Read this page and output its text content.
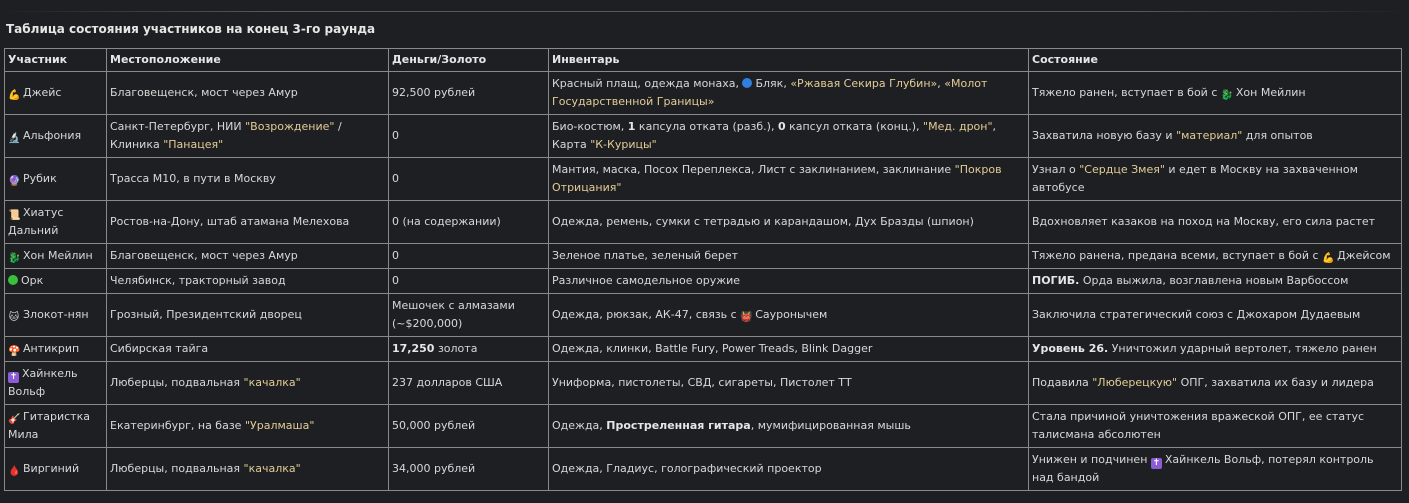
Таблица состояния участников на конец 3-го раунда
Участник	Местоположение	Деньги/Золото	Инвентарь	Состояние
💪 Джейс	Благовещенск, мост через Амур	92,500 рублей	Красный плащ, одежда монаха, Бляк, «Ржавая Секира Глубин», «Молот Государственной Границы»	Тяжело ранен, вступает в бой с 🐉 Хон Мейлин
🔬 Альфония	Санкт-Петербург, НИИ "Возрождение" / Клиника "Панацея"	0	Био-костюм, 1 капсула отката (разб.), 0 капсул отката (конц.), "Мед. дрон", Карта "К-Курицы"	Захватила новую базу и "материал" для опытов
🔮 Рубик	Трасса М10, в пути в Москву	0	Мантия, маска, Посох Переплекса, Лист с заклинанием, заклинание "Покров Отрицания"	Узнал о "Сердце Змея" и едет в Москву на захваченном автобусе
📜 Хиатус Дальний	Ростов-на-Дону, штаб атамана Мелехова	0 (на содержании)	Одежда, ремень, сумки с тетрадью и карандашом, Дух Бразды (шпион)	Вдохновляет казаков на поход на Москву, его сила растет
🐉 Хон Мейлин	Благовещенск, мост через Амур	0	Зеленое платье, зеленый берет	Тяжело ранена, предана всеми, вступает в бой с 💪 Джейсом
Орк	Челябинск, тракторный завод	0	Различное самодельное оружие	ПОГИБ. Орда выжила, возглавлена новым Варбоссом
🐱 Злокот-нян	Грозный, Президентский дворец	Мешочек с алмазами (~$200,000)	Одежда, рюкзак, АК-47, связь с 👹 Сауронычем	Заключила стратегический союз с Джохаром Дудаевым
🍄 Антикрип	Сибирская тайга	17,250 золота	Одежда, клинки, Battle Fury, Power Treads, Blink Dagger	Уровень 26. Уничтожил ударный вертолет, тяжело ранен
✝ Хайнкель Вольф	Люберцы, подвальная "качалка"	237 долларов США	Униформа, пистолеты, СВД, сигареты, Пистолет ТТ	Подавила "Люберецкую" ОПГ, захватила их базу и лидера
🎸 Гитаристка Мила	Екатеринбург, на базе "Уралмаша"	50,000 рублей	Одежда, Простреленная гитара, мумифицированная мышь	Стала причиной уничтожения вражеской ОПГ, ее статус талисмана абсолютен
🩸 Виргиний	Люберцы, подвальная "качалка"	34,000 рублей	Одежда, Гладиус, голографический проектор	Унижен и подчинен ✝ Хайнкель Вольф, потерял контроль над бандой
